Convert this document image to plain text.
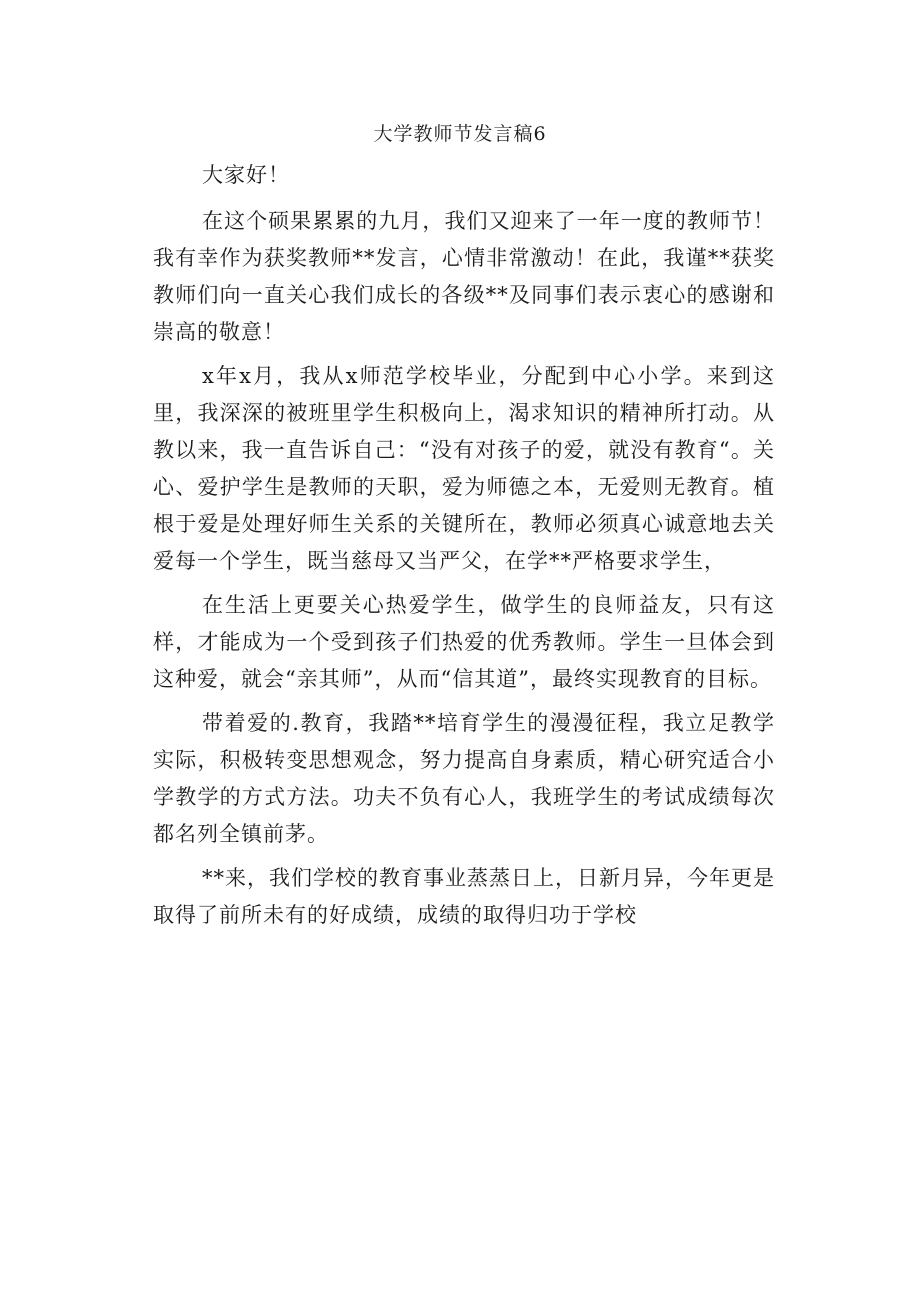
大学教师节发言稿6

大家好！

在这个硕果累累的九月，我们又迎来了一年一度的教师节！我有幸作为获奖教师**发言，心情非常激动！在此，我谨**获奖教师们向一直关心我们成长的各级**及同事们表示衷心的感谢和崇高的敬意！

x年x月，我从x师范学校毕业，分配到中心小学。来到这里，我深深的被班里学生积极向上，渴求知识的精神所打动。从教以来，我一直告诉自己：“没有对孩子的爱，就没有教育“。关心、爱护学生是教师的天职，爱为师德之本，无爱则无教育。植根于爱是处理好师生关系的关键所在，教师必须真心诚意地去关爱每一个学生，既当慈母又当严父，在学**严格要求学生，

在生活上更要关心热爱学生，做学生的良师益友，只有这样，才能成为一个受到孩子们热爱的优秀教师。学生一旦体会到这种爱，就会“亲其师”，从而“信其道”，最终实现教育的目标。

带着爱的.教育，我踏**培育学生的漫漫征程，我立足教学实际，积极转变思想观念，努力提高自身素质，精心研究适合小学教学的方式方法。功夫不负有心人，我班学生的考试成绩每次都名列全镇前茅。

**来，我们学校的教育事业蒸蒸日上，日新月异，今年更是取得了前所未有的好成绩，成绩的取得归功于学校
